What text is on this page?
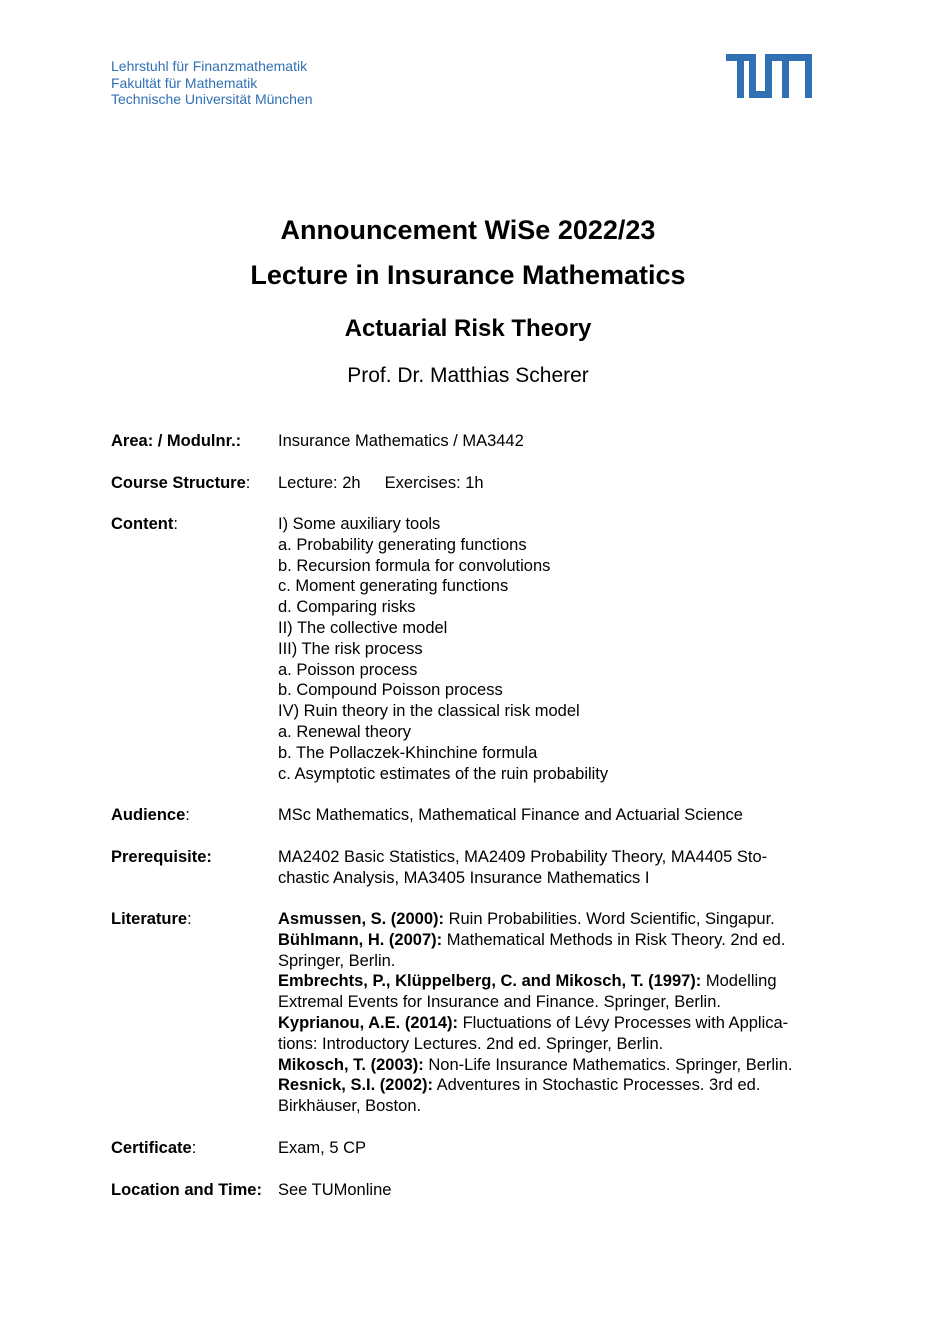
Lehrstuhl für Finanzmathematik
Fakultät für Mathematik
Technische Universität München
Announcement WiSe 2022/23
Lecture in Insurance Mathematics
Actuarial Risk Theory
Prof. Dr. Matthias Scherer
Area: / Modulnr.: Insurance Mathematics / MA3442
Course Structure: Lecture: 2h Exercises: 1h
Content:	I) Some auxiliary tools
a. Probability generating functions
b. Recursion formula for convolutions
c. Moment generating functions
d. Comparing risks
II) The collective model
III) The risk process
a. Poisson process
b. Compound Poisson process
IV) Ruin theory in the classical risk model
a. Renewal theory
b. The Pollaczek-Khinchine formula
c. Asymptotic estimates of the ruin probability
Audience:	MSc Mathematics, Mathematical Finance and Actuarial Science
Prerequisite:	MA2402 Basic Statistics, MA2409 Probability Theory, MA4405 Sto-
chastic Analysis, MA3405 Insurance Mathematics I
Literature:	Asmussen, S. (2000): Ruin Probabilities. Word Scientific, Singapur.
Bühlmann, H. (2007): Mathematical Methods in Risk Theory. 2nd ed.
Springer, Berlin.
Embrechts, P., Klüppelberg, C. and Mikosch, T. (1997): Modelling
Extremal Events for Insurance and Finance. Springer, Berlin.
Kyprianou, A.E. (2014): Fluctuations of Lévy Processes with Applica-
tions: Introductory Lectures. 2nd ed. Springer, Berlin.
Mikosch, T. (2003): Non-Life Insurance Mathematics. Springer, Berlin.
Resnick, S.I. (2002): Adventures in Stochastic Processes. 3rd ed.
Birkhäuser, Boston.
Certificate:	Exam, 5 CP
Location and Time: See TUMonline
